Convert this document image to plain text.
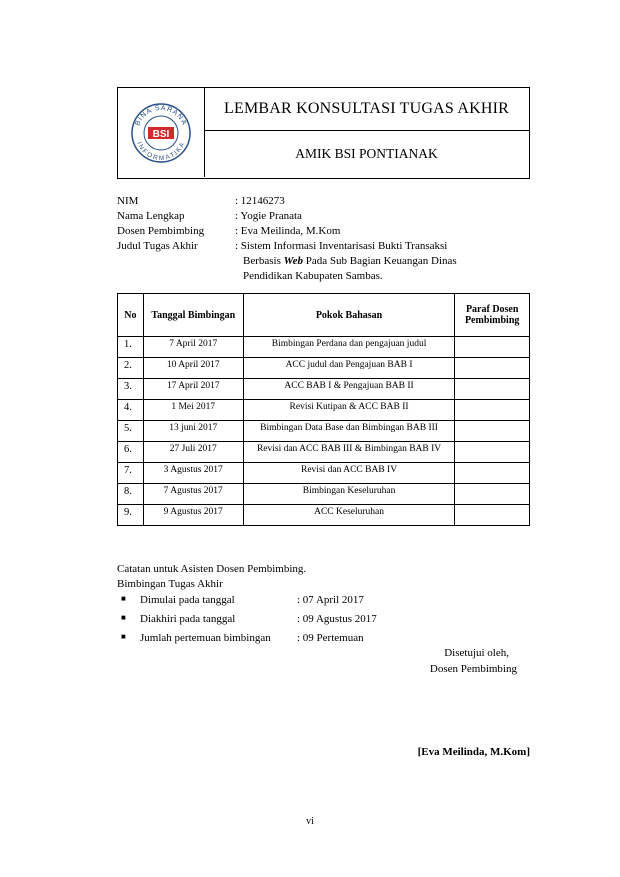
BINA SARANA
INFORMATIKA
BSI
LEMBAR KONSULTASI TUGAS AKHIR
AMIK BSI PONTIANAK
NIM	: 12146273
Nama Lengkap	: Yogie Pranata
Dosen Pembimbing	: Eva Meilinda, M.Kom
Judul Tugas Akhir	: Sistem Informasi Inventarisasi Bukti Transaksi
Berbasis Web Pada Sub Bagian Keuangan Dinas
Pendidikan Kabupaten Sambas.
No	Tanggal Bimbingan	Pokok Bahasan	Paraf Dosen Pembimbing
1.	7 April 2017	Bimbingan Perdana dan pengajuan judul	
2.	10 April 2017	ACC judul dan Pengajuan BAB I	
3.	17 April 2017	ACC BAB I & Pengajuan BAB II	
4.	1 Mei 2017	Revisi Kutipan & ACC BAB II	
5.	13 juni 2017	Bimbingan Data Base dan Bimbingan BAB III	
6.	27 Juli 2017	Revisi dan ACC BAB III & Bimbingan BAB IV	
7.	3 Agustus 2017	Revisi dan ACC BAB IV	
8.	7 Agustus 2017	Bimbingan Keseluruhan	
9.	9 Agustus 2017	ACC Keseluruhan	
Catatan untuk Asisten Dosen Pembimbing.
Bimbingan Tugas Akhir
■ Dimulai pada tanggal	: 07 April 2017
■ Diakhiri pada tanggal	: 09 Agustus 2017
■ Jumlah pertemuan bimbingan : 09 Pertemuan
Disetujui oleh,
Dosen Pembimbing
[Eva Meilinda, M.Kom]
vi
